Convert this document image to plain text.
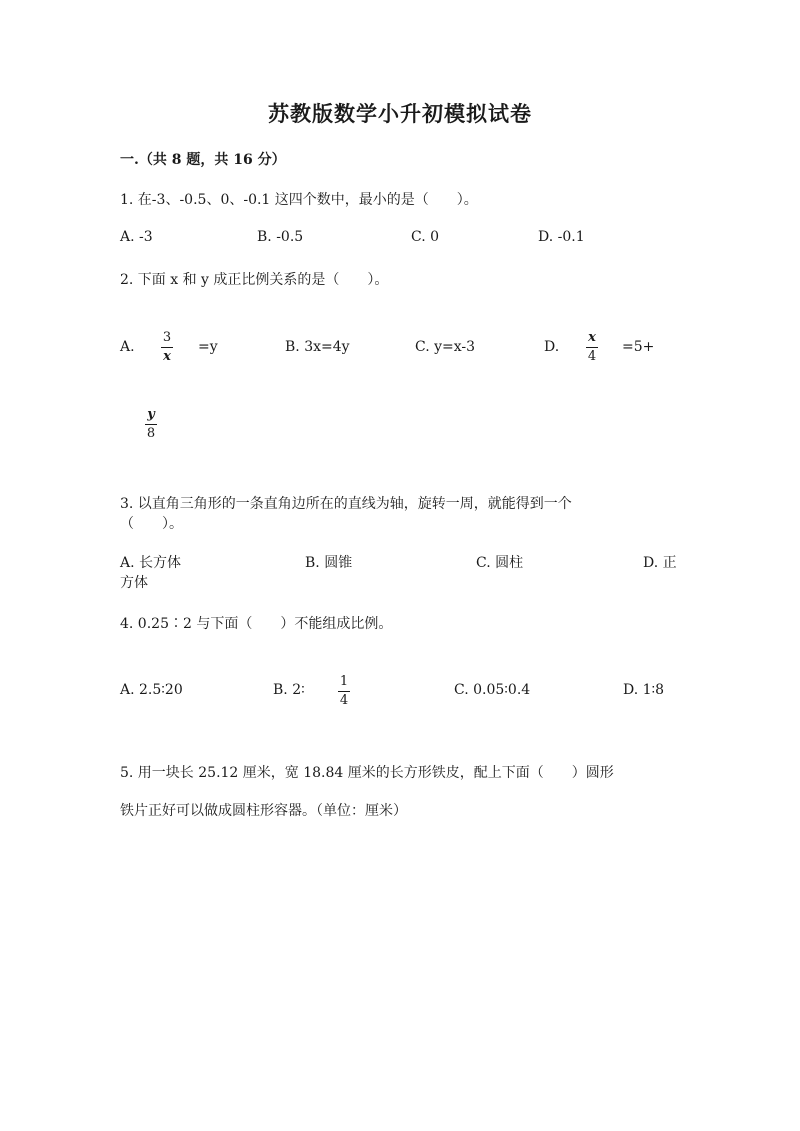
苏教版数学小升初模拟试卷
一.（共 8 题，共 16 分）
1. 在-3、-0.5、0、-0.1 这四个数中，最小的是（　　）。
A. -3	B. -0.5	C. 0	D. -0.1
2. 下面 x 和 y 成正比例关系的是（　　）。
A.
3
x
=y	B. 3x=4y	C. y=x-3	D.
x
4
=5+
y
8
3. 以直角三角形的一条直角边所在的直线为轴，旋转一周，就能得到一个
（　　）。
A. 长方体	B. 圆锥	C. 圆柱	D. 正
方体
4. 0.25∶2 与下面（　　）不能组成比例。
A. 2.5∶20	B. 2∶
1
4
C. 0.05∶0.4	D. 1∶8
5. 用一块长 25.12 厘米，宽 18.84 厘米的长方形铁皮，配上下面（　　）圆形
铁片正好可以做成圆柱形容器。（单位：厘米）
